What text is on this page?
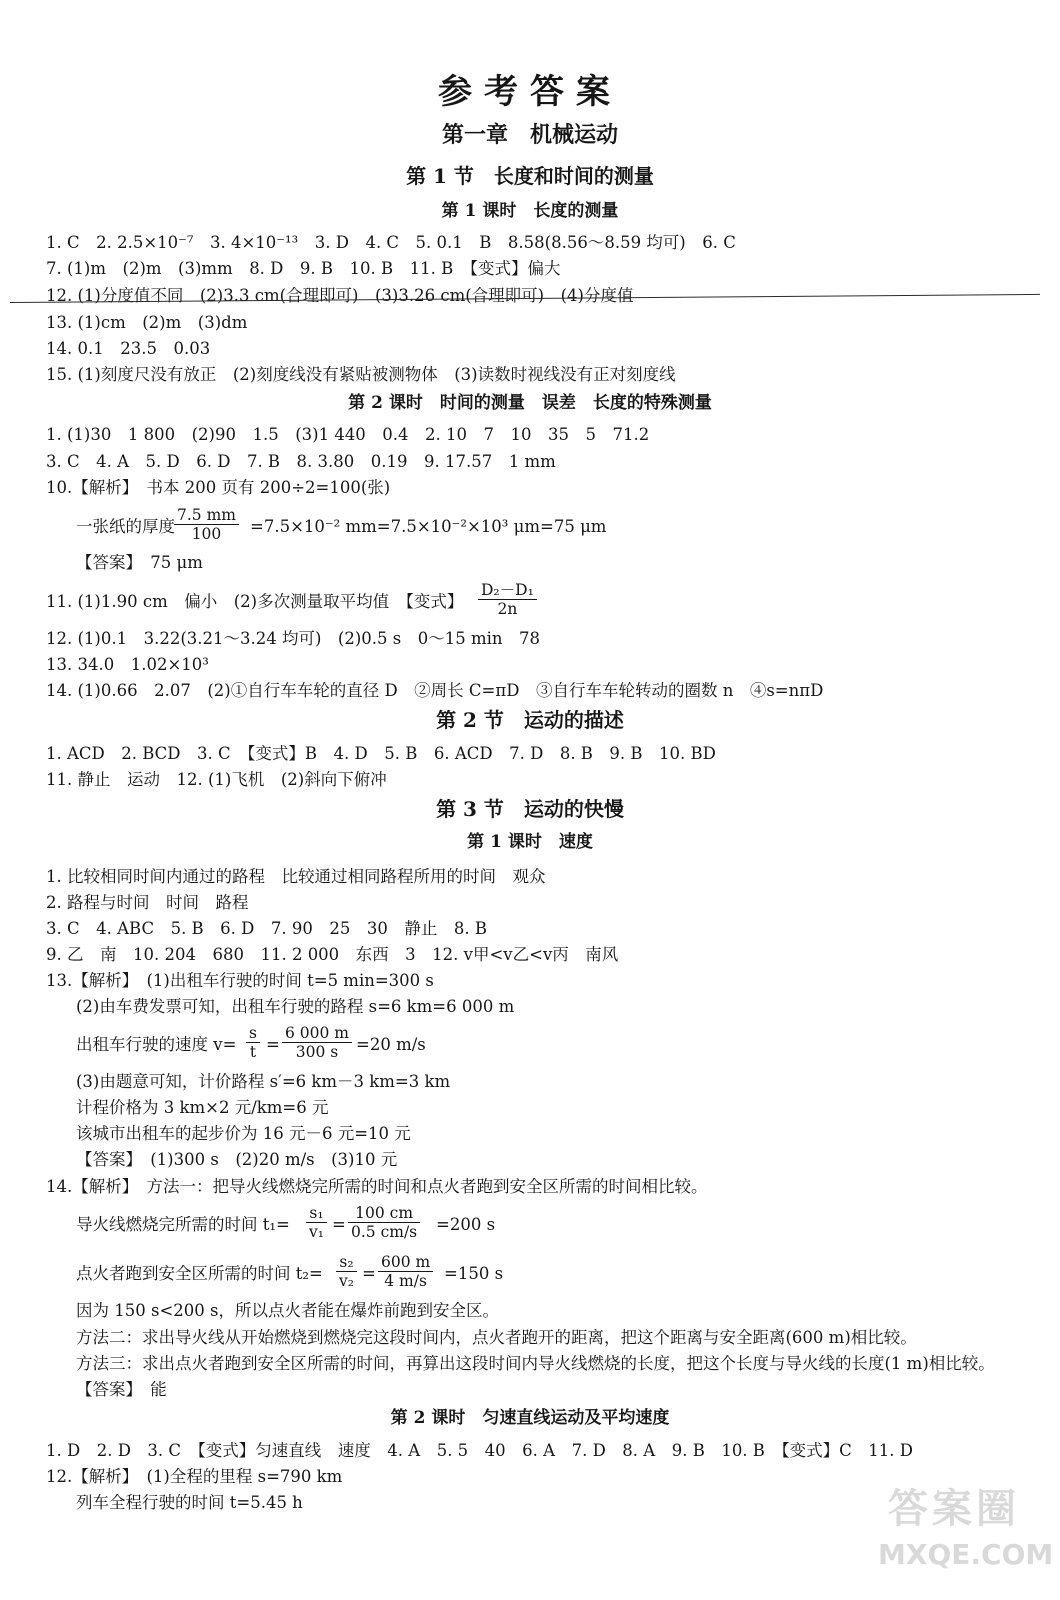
参考答案
第一章　机械运动
第 1 节　长度和时间的测量
第 1 课时　长度的测量
1. C　2. 2.5×10⁻⁷　3. 4×10⁻¹³　3. D　4. C　5. 0.1　B　8.58(8.56～8.59 均可)　6. C
7. (1)m　(2)m　(3)mm　8. D　9. B　10. B　11. B　【变式】偏大
12. (1)分度值不同　(2)3.3 cm(合理即可)　(3)3.26 cm(合理即可)　(4)分度值
13. (1)cm　(2)m　(3)dm
14. 0.1　23.5　0.03
15. (1)刻度尺没有放正　(2)刻度线没有紧贴被测物体　(3)读数时视线没有正对刻度线
第 2 课时　时间的测量　误差　长度的特殊测量
1. (1)30　1 800　(2)90　1.5　(3)1 440　0.4　2. 10　7　10　35　5　71.2
3. C　4. A　5. D　6. D　7. B　8. 3.80　0.19　9. 17.57　1 mm
10.【解析】　书本 200 页有 200÷2=100(张)
一张纸的厚度 $\frac{7.5 mm}{100} =7.5\times 10^{-2}$ mm=7.5×10⁻²×10³ μm=75 μm
【答案】　75 μm
11. (1)1.90 cm　偏小　(2)多次测量取平均值　【变式】 $\frac{\text{D₂－D₁}}{2n}$
12. (1)0.1　3.22(3.21～3.24 均可)　(2)0.5 s　0～15 min　78
13. 34.0　1.02×10³
14. (1)0.66　2.07　(2)①自行车车轮的直径 D　②周长 C=πD　③自行车车轮转动的圈数 n　④s=nπD
第 2 节　运动的描述
1. ACD　2. BCD　3. C　【变式】B　4. D　5. B　6. ACD　7. D　8. B　9. B　10. BD
11. 静止　运动　12. (1)飞机　(2)斜向下俯冲
第 3 节　运动的快慢
第 1 课时　速度
1. 比较相同时间内通过的路程　比较通过相同路程所用的时间　观众
2. 路程与时间　时间　路程
3. C　4. ABC　5. B　6. D　7. 90　25　30　静止　8. B
9. 乙　南　10. 204　680　11. 2 000　东西　3　12. v甲<v乙<v丙　南风
13.【解析】　(1)出租车行驶的时间 t=5 min=300 s
(2)由车费发票可知，出租车行驶的路程 s=6 km=6 000 m
出租车行驶的速度 $v= \frac{s}{t} = \frac{6 000 m}{300 s} =20$ m/s
(3)由题意可知，计价路程 s′=6 km－3 km=3 km
计程价格为 3 km×2 元/km=6 元
该城市出租车的起步价为 16 元－6 元=10 元
【答案】　(1)300 s　(2)20 m/s　(3)10 元
14.【解析】　方法一：把导火线燃烧完所需的时间和点火者跑到安全区所需的时间相比较。
导火线燃烧完所需的时间 $t_1= \frac{\text{s₁}}{\text{v₁}} = \frac{100 cm}{0.5 cm/s} =200$ s
点火者跑到安全区所需的时间 $t_2= \frac{\text{s₂}}{\text{v₂}} = \frac{600 m}{4 m/s} =150$ s
因为 150 s<200 s，所以点火者能在爆炸前跑到安全区。
方法二：求出导火线从开始燃烧到燃烧完这段时间内，点火者跑开的距离，把这个距离与安全距离(600 m)相比较。
方法三：求出点火者跑到安全区所需的时间，再算出这段时间内导火线燃烧的长度，把这个长度与导火线的长度(1 m)相比较。
【答案】　能
第 2 课时　匀速直线运动及平均速度
1. D　2. D　3. C　【变式】匀速直线　速度　4. A　5. 5　40　6. A　7. D　8. A　9. B　10. B　【变式】C　11. D
12.【解析】　(1)全程的里程 s=790 km
列车全程行驶的时间 t=5.45 h	答案圈
MXQE.COM
